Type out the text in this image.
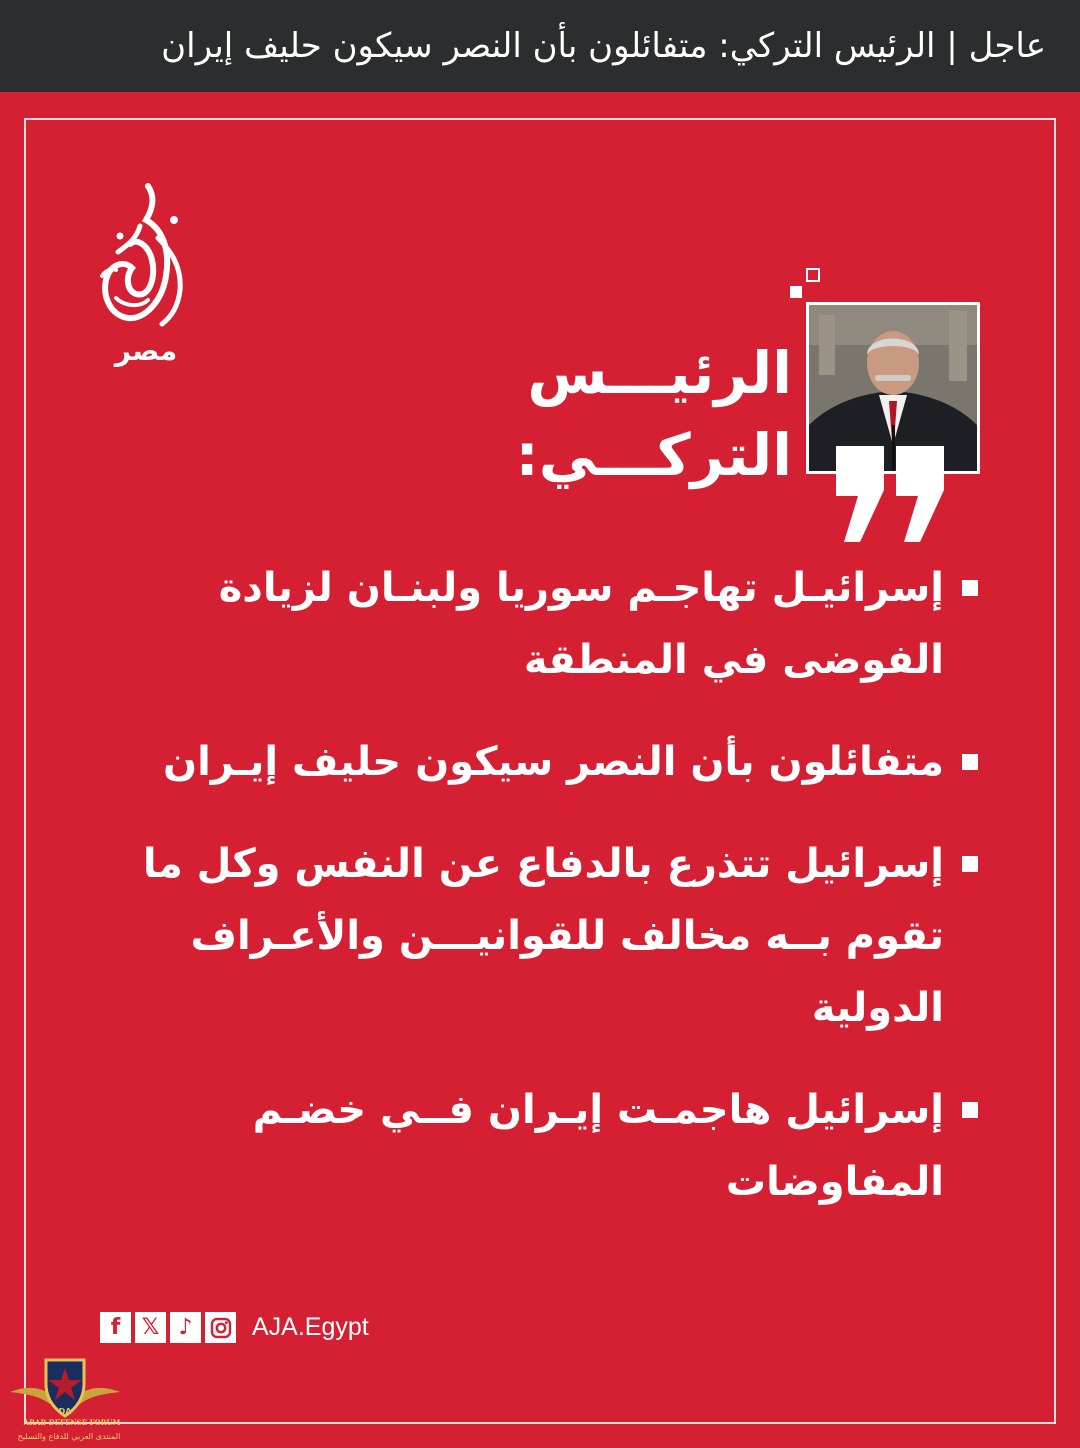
عاجل | الرئيس التركي: متفائلون بأن النصر سيكون حليف إيران
مصر	الرئيـــس
التركـــي:
إسرائيـل تهاجـم سوريا ولبنـان لزيادة الفوضى في المنطقة
متفائلون بأن النصر سيكون حليف إيـران
إسرائيل تتذرع بالدفاع عن النفس وكل ما تقوم بــه مخالف للقوانيـــن والأعـراف الدولية
إسرائيل هاجمـت إيـران فــي خضـم المفاوضات
f 𝕏 ♪	AJA.Egypt
DA
ARAB DEFENSE FORUM
المنتدى العربي للدفاع والتسليح
